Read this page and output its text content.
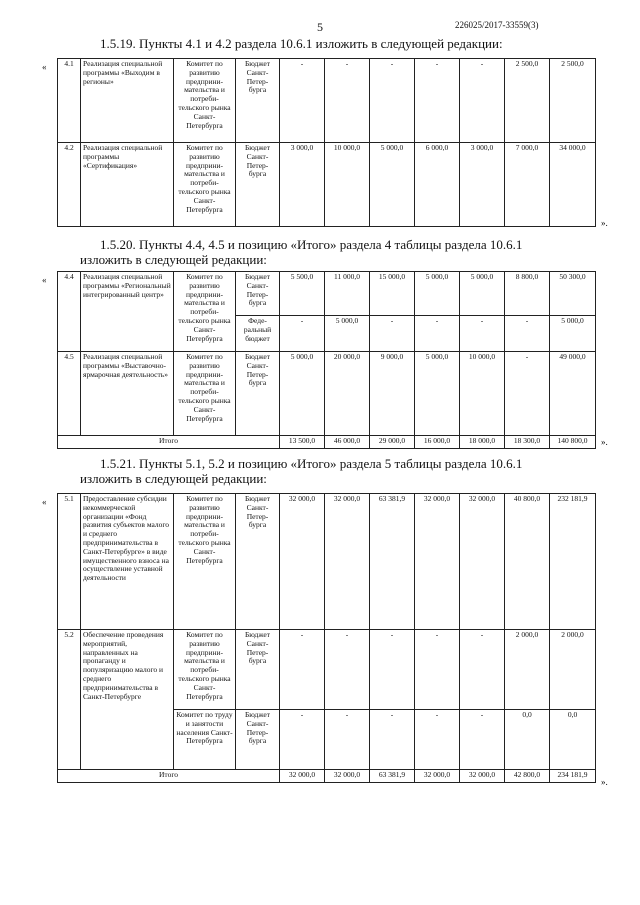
5	226025/2017-33559(3)
1.5.19. Пункты 4.1 и 4.2 раздела 10.6.1 изложить в следующей редакции:
« 4.1	Реализация специальной программы «Выходим в регионы»	Комитет по развитию предприни-мательства и потреби-тельского рынка Санкт-Петербурга	Бюджет Санкт-Петер-бурга	-	-	-	-	-	2 500,0	2 500,0
4.2	Реализация специальной программы «Сертификация»	Комитет по развитию предприни-мательства и потреби-тельского рынка Санкт-Петербурга	Бюджет Санкт-Петер-бурга	3 000,0	10 000,0	5 000,0	6 000,0	3 000,0	7 000,0	34 000,0
».
1.5.20. Пункты 4.4, 4.5 и позицию «Итого» раздела 4 таблицы раздела 10.6.1
изложить в следующей редакции:
« 4.4	Реализация специальной программы «Региональный интегрированный центр»	Комитет по развитию предприни-мательства и потреби-тельского рынка Санкт-Петербурга	Бюджет Санкт-Петер-бурга	5 500,0	11 000,0	15 000,0	5 000,0	5 000,0	8 800,0	50 300,0
			Феде-ральный бюджет	-	5 000,0	-	-	-	-	5 000,0
4.5	Реализация специальной программы «Выставочно-ярмарочная деятельность»	Комитет по развитию предприни-мательства и потреби-тельского рынка Санкт-Петербурга	Бюджет Санкт-Петер-бурга	5 000,0	20 000,0	9 000,0	5 000,0	10 000,0	-	49 000,0
Итого				13 500,0	46 000,0	29 000,0	16 000,0	18 000,0	18 300,0	140 800,0 ».
1.5.21. Пункты 5.1, 5.2 и позицию «Итого» раздела 5 таблицы раздела 10.6.1
изложить в следующей редакции:
« 5.1	Предоставление субсидии некоммерческой организации «Фонд развития субъектов малого и среднего предпринимательства в Санкт-Петербурге» в виде имущественного взноса на осуществление уставной деятельности	Комитет по развитию предприни-мательства и потреби-тельского рынка Санкт-Петербурга	Бюджет Санкт-Петер-бурга	32 000,0	32 000,0	63 381,9	32 000,0	32 000,0	40 800,0	232 181,9
5.2	Обеспечение проведения мероприятий, направленных на пропаганду и популяризацию малого и среднего предпринимательства в Санкт-Петербурге	Комитет по развитию предприни-мательства и потреби-тельского рынка Санкт-Петербурга	Бюджет Санкт-Петер-бурга	-	-	-	-	-	2 000,0	2 000,0
		Комитет по труду и занятости населения Санкт-Петербурга	Бюджет Санкт-Петер-бурга	-	-	-	-	-	0,0	0,0
Итого				32 000,0	32 000,0	63 381,9	32 000,0	32 000,0	42 800,0	234 181,9
».
